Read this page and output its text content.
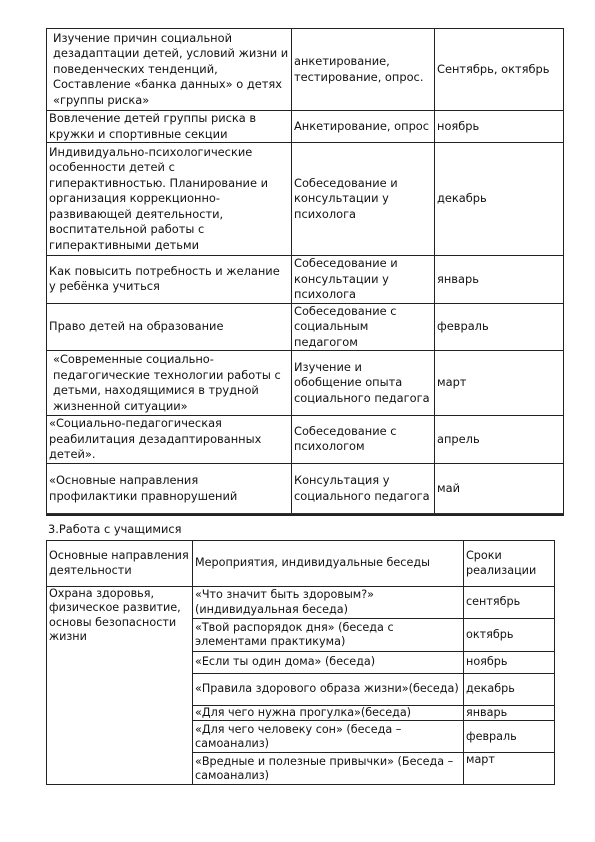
Изучение причин социальной дезадаптации детей, условий жизни и поведенческих тенденций, Составление «банка данных» о детях «группы риска»	анкетирование, тестирование, опрос.	Сентябрь, октябрь
Вовлечение детей группы риска в кружки и спортивные секции	Анкетирование, опрос	ноябрь
Индивидуально-психологические особенности детей с гиперактивностью. Планирование и организация коррекционно-развивающей деятельности, воспитательной работы с гиперактивными детьми	Собеседование и консультации у психолога	декабрь
Как повысить потребность и желание у ребёнка учиться	Собеседование и консультации у психолога	январь
Право детей на образование	Собеседование с социальным педагогом	февраль
«Современные социально-педагогические технологии работы с детьми, находящимися в трудной жизненной ситуации»	Изучение и обобщение опыта социального педагога	март
«Социально-педагогическая реабилитация дезадаптированных детей».	Собеседование с психологом	апрель
«Основные направления профилактики правнорушений	Консультация у социального педагога	май
3.Работа с учащимися
Основные направления деятельности	Мероприятия, индивидуальные беседы	Сроки реализации
Охрана здоровья, физическое развитие, основы безопасности жизни	«Что значит быть здоровым?» (индивидуальная беседа)	сентябрь
	«Твой распорядок дня» (беседа с элементами практикума)	октябрь
	«Если ты один дома» (беседа)	ноябрь
	«Правила здорового образа жизни»(беседа)	декабрь
	«Для чего нужна прогулка»(беседа)	январь
	«Для чего человеку сон» (беседа – самоанализ)	февраль
	«Вредные и полезные привычки» (Беседа – самоанализ)	март
